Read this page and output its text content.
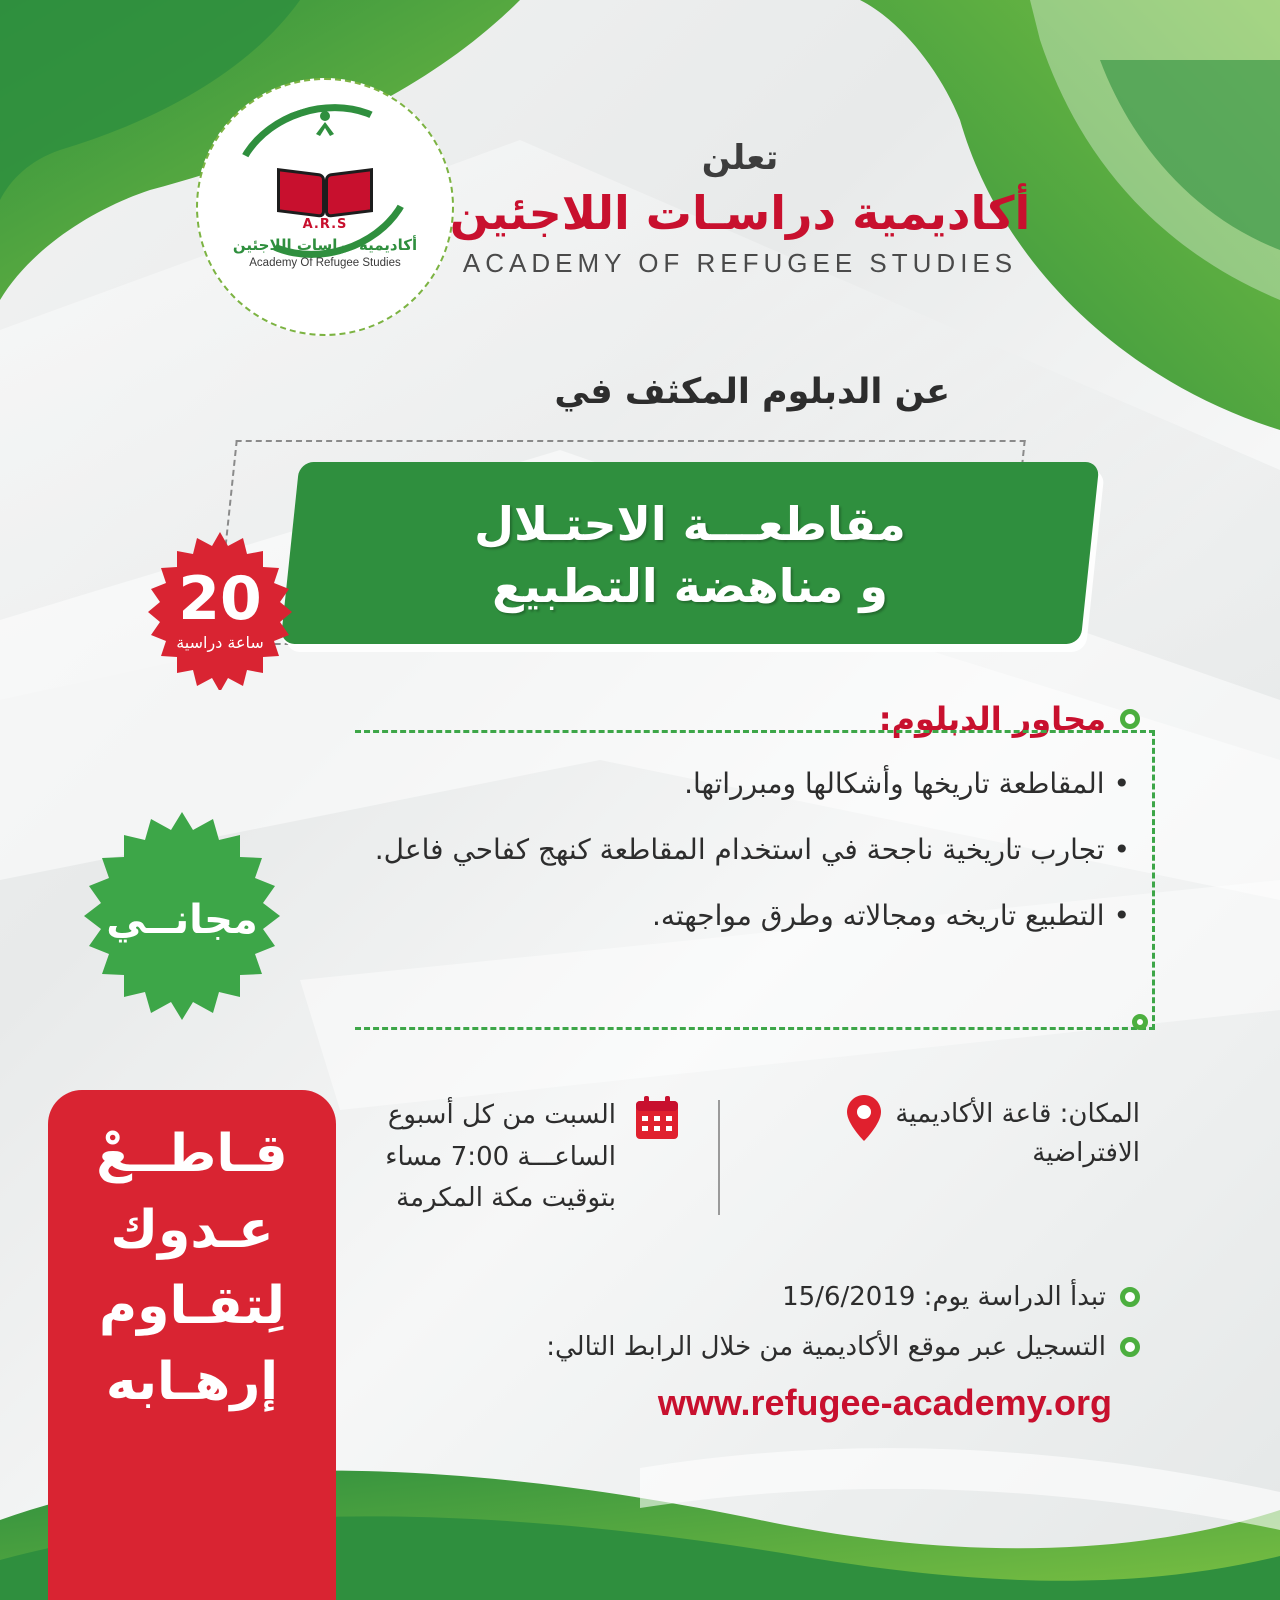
A.R.S
أكاديمية دراسات اللاجئين
Academy Of Refugee Studies
تعلن
أكاديمية دراسـات اللاجئين
ACADEMY OF REFUGEE STUDIES
عن الدبلوم المكثف في
مقاطعـــة الاحتـلال
و مناهضة التطبيع
20
ساعة دراسية
مجانــي
محاور الدبلوم:
• المقاطعة تاريخها وأشكالها ومبرراتها.
• تجارب تاريخية ناجحة في استخدام المقاطعة كنهج كفاحي فاعل.
• التطبيع تاريخه ومجالاته وطرق مواجهته.
قـاطــعْ
عـدوك
لِتقـاوم
إرهـابه
المكان: قاعة الأكاديمية
الافتراضية
السبت من كل أسبوع
الساعـــة 7:00 مساء
بتوقيت مكة المكرمة
تبدأ الدراسة يوم: 15/6/2019
التسجيل عبر موقع الأكاديمية من خلال الرابط التالي:
www.refugee-academy.org
